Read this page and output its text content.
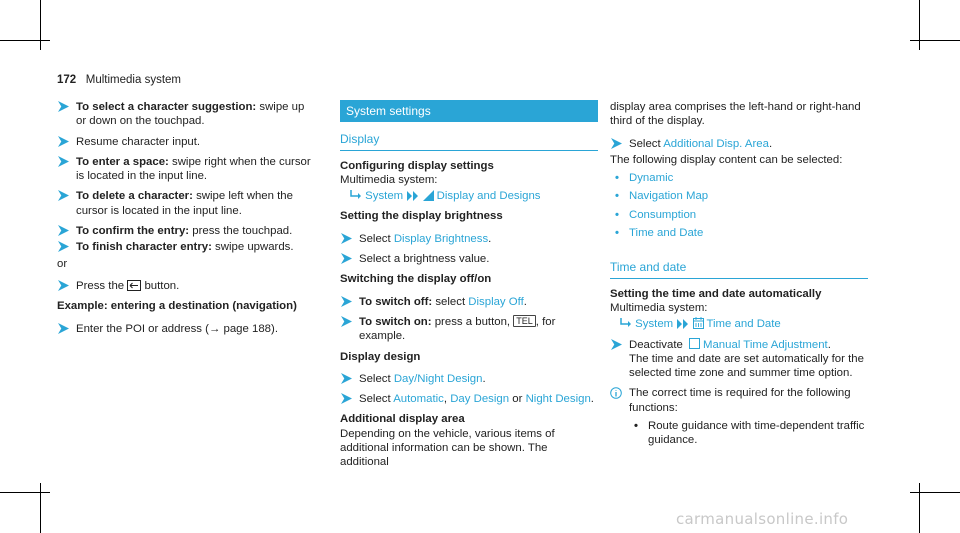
172 Multimedia system
To select a character suggestion: swipe up or down on the touchpad.
Resume character input.
To enter a space: swipe right when the cursor is located in the input line.
To delete a character: swipe left when the cursor is located in the input line.
To confirm the entry: press the touchpad.
To finish character entry: swipe upwards.

or

Press the  button.

Example: entering a destination (navigation)

Enter the POI or address (→ page 188).
System settings
Display

Configuring display settings
Multimedia system:

System	Display and Designs

Setting the display brightness

Select Display Brightness.
Select a brightness value.

Switching the display off/on

To switch off: select Display Off.
To switch on: press a button, TEL , for example.

Display design

Select Day/Night Design.
Select Automatic, Day Design or Night Design.

Additional display area
Depending on the vehicle, various items of additional information can be shown. The additional

display area comprises the left-hand or right-hand third of the display.

Select Additional Disp. Area.

The following display content can be selected:

• Dynamic
• Navigation Map
• Consumption
• Time and Date
Time and date

Setting the time and date automatically
Multimedia system:

System	Time and Date
Deactivate Manual Time Adjustment.
The time and date are set automatically for the selected time zone and summer time option.
The correct time is required for the following functions:
• Route guidance with time-dependent traffic guidance.
carmanualsonline.info
